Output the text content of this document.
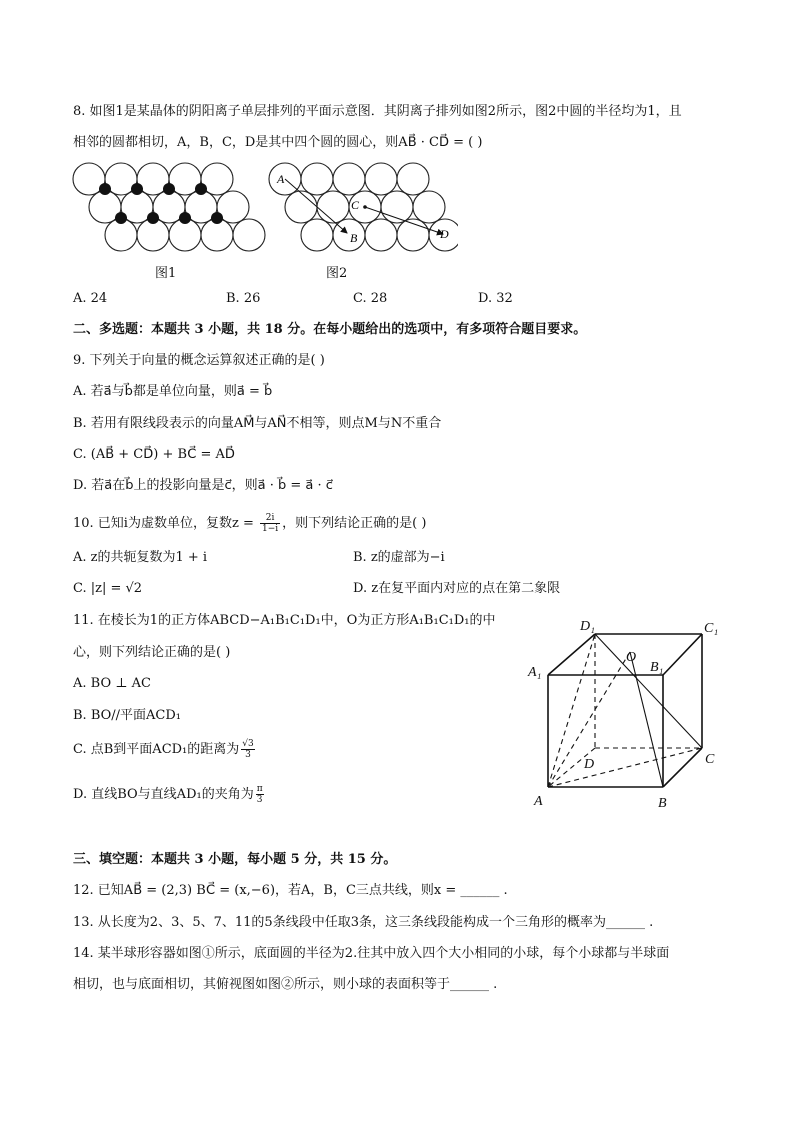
8. 如图1是某晶体的阴阳离子单层排列的平面示意图．其阴离子排列如图2所示，图2中圆的半径均为1，且
相邻的圆都相切，A，B，C，D是其中四个圆的圆心，则AB⃗ · CD⃗ = ( )
图1
A
B
C
D
图2
A. 24	B. 26	C. 28	D. 32
二、多选题：本题共 3 小题，共 18 分。在每小题给出的选项中，有多项符合题目要求。
9. 下列关于向量的概念运算叙述正确的是( )
A. 若a⃗与b⃗都是单位向量，则a⃗ = b⃗
B. 若用有限线段表示的向量AM⃗与AN⃗不相等，则点M与N不重合
C. (AB⃗ + CD⃗) + BC⃗ = AD⃗
D. 若a⃗在b⃗上的投影向量是c⃗，则a⃗ · b⃗ = a⃗ · c⃗
10. 已知i为虚数单位，复数$z = \frac{2i}{1-i}$ ，则下列结论正确的是( )
A. z的共轭复数为1 + i	B. z的虚部为−i
C. |z| = √2	D. z在复平面内对应的点在第二象限
11. 在棱长为1的正方体ABCD−A₁B₁C₁D₁中，O为正方形A₁B₁C₁D₁的中
心，则下列结论正确的是( )
A. BO ⊥ AC
B. BO//平面ACD₁
C. 点B到平面ACD₁的距离为 $\frac{√3}{3}$
D. 直线BO与直线AD₁的夹角为 $\frac{\pi}{3}$
D₁	C₁
A₁	B₁
O
D	C
A	B
三、填空题：本题共 3 小题，每小题 5 分，共 15 分。
12. 已知AB⃗ = (2,3) BC⃗ = (x,−6)，若A，B，C三点共线，则x = ______ .
13. 从长度为2、3、5、7、11的5条线段中任取3条，这三条线段能构成一个三角形的概率为______ .
14. 某半球形容器如图①所示，底面圆的半径为2.往其中放入四个大小相同的小球，每个小球都与半球面
相切，也与底面相切，其俯视图如图②所示，则小球的表面积等于______ .
